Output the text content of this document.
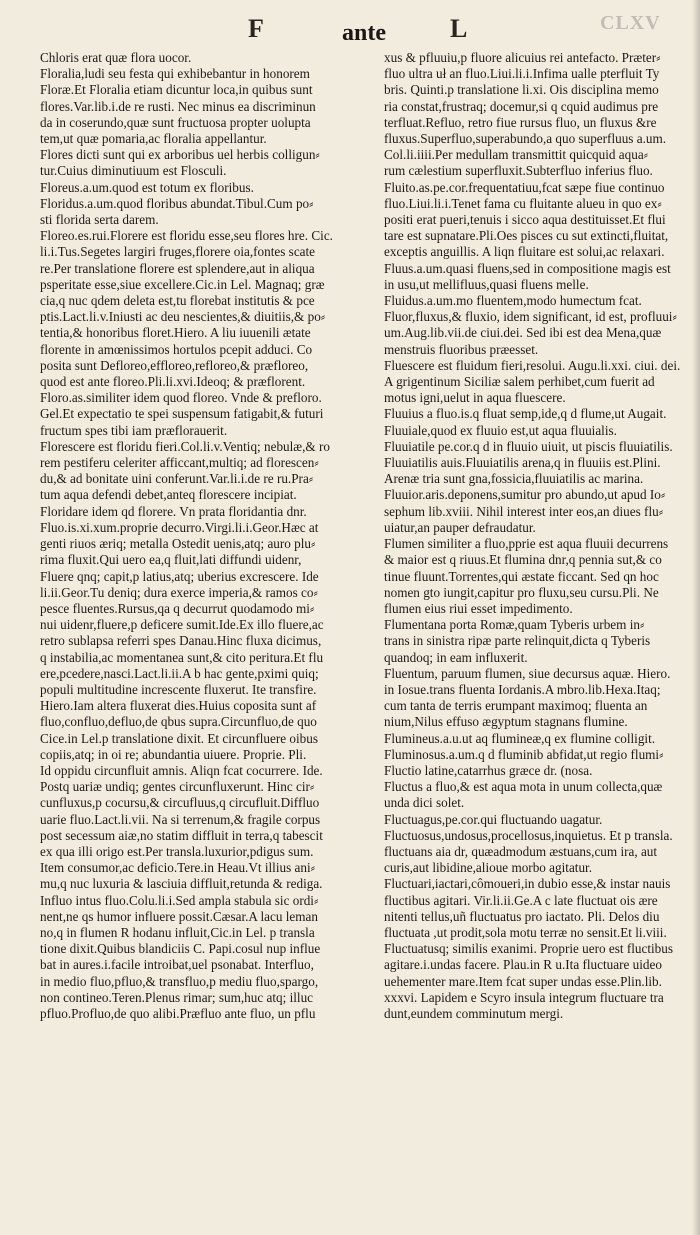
F	ante L	CLXV

Chloris erat quæ flora uocor.

Floralia,ludi seu festa qui exhibebantur in honorem

Floræ.Et Floralia etiam dicuntur loca,in quibus sunt

flores.Var.lib.i.de re rusti. Nec minus ea discriminun

da in coserundo,quæ sunt fructuosa propter uolupta

tem,ut quæ pomaria,ac floralia appellantur.

Flores dicti sunt qui ex arboribus uel herbis colligun⸗

tur.Cuius diminutiuum est Flosculi.

Floreus.a.um.quod est totum ex floribus.

Floridus.a.um.quod floribus abundat.Tibul.Cum po⸗

sti florida serta darem.

Floreo.es.rui.Florere est floridu esse,seu flores hre. Cic.

li.i.Tus.Segetes largiri fruges,florere oia,fontes scate

re.Per translatione florere est splendere,aut in aliqua

psperitate esse,siue excellere.Cic.in Lel. Magnaq; græ

cia,q nuc qdem deleta est,tu florebat institutis & pce

ptis.Lact.li.v.Iniusti ac deu nescientes,& diuitiis,& po⸗

tentia,& honoribus floret.Hiero. A liu iuuenili ætate

florente in amœnissimos hortulos pcepit adduci. Co

posita sunt Defloreo,effloreo,refloreo,& præfloreo,

quod est ante floreo.Pli.li.xvi.Ideoq; & præflorent.

Floro.as.similiter idem quod floreo. Vnde & prefloro.

Gel.Et expectatio te spei suspensum fatigabit,& futuri

fructum spes tibi iam præflorauerit.

Florescere est floridu fieri.Col.li.v.Ventiq; nebulæ,& ro

rem pestiferu celeriter afficcant,multiq; ad florescen⸗

du,& ad bonitate uini conferunt.Var.li.i.de re ru.Pra⸗

tum aqua defendi debet,anteq florescere incipiat.

Floridare idem qd florere. Vn prata floridantia dnr.

Fluo.is.xi.xum.proprie decurro.Virgi.li.i.Geor.Hæc at

genti riuos æriq; metalla Ostedit uenis,atq; auro plu⸗

rima fluxit.Qui uero ea,q fluit,lati diffundi uidenr,

Fluere qnq; capit,p latius,atq; uberius excrescere. Ide

li.ii.Geor.Tu deniq; dura exerce imperia,& ramos co⸗

pesce fluentes.Rursus,qa q decurrut quodamodo mi⸗

nui uidenr,fluere,p deficere sumit.Ide.Ex illo fluere,ac

retro sublapsa referri spes Danau.Hinc fluxa dicimus,

q instabilia,ac momentanea sunt,& cito peritura.Et flu

ere,pcedere,nasci.Lact.li.ii.A b hac gente,pximi quiq;

populi multitudine increscente fluxerut. Ite transfire.

Hiero.Iam altera fluxerat dies.Huius coposita sunt af

fluo,confluo,defluo,de qbus supra.Circunfluo,de quo

Cice.in Lel.p translatione dixit. Et circunfluere oibus

copiis,atq; in oi re; abundantia uiuere. Proprie. Pli.

Id oppidu circunfluit amnis. Aliqn fcat cocurrere. Ide.

Postq uariæ undiq; gentes circunfluxerunt. Hinc cir⸗

cunfluxus,p cocursu,& circufluus,q circufluit.Diffluo

uarie fluo.Lact.li.vii. Na si terrenum,& fragile corpus

post secessum aiæ,no statim diffluit in terra,q tabescit

ex qua illi origo est.Per transla.luxurior,pdigus sum.

Item consumor,ac deficio.Tere.in Heau.Vt illius ani⸗

mu,q nuc luxuria & lasciuia diffluit,retunda & rediga.

Influo intus fluo.Colu.li.i.Sed ampla stabula sic ordi⸗

nent,ne qs humor influere possit.Cæsar.A lacu leman

no,q in flumen R hodanu influit,Cic.in Lel. p transla

tione dixit.Quibus blandiciis C. Papi.cosul nup influe

bat in aures.i.facile introibat,uel psonabat. Interfluo,

in medio fluo,pfluo,& transfluo,p mediu fluo,spargo,

non contineo.Teren.Plenus rimar; sum,huc atq; illuc

pfluo.Profluo,de quo alibi.Præfluo ante fluo, un pflu

xus & pfluuiu,p fluore alicuius rei antefacto. Præter⸗

fluo ultra uł an fluo.Liui.li.i.Infima ualle pterfluit Ty

bris. Quinti.p translatione li.xi. Ois disciplina memo

ria constat,frustraq; docemur,si q cquid audimus pre

terfluat.Refluo, retro fiue rursus fluo, un fluxus &re

fluxus.Superfluo,superabundo,a quo superfluus a.um.

Col.li.iiii.Per medullam transmittit quicquid aqua⸗

rum cælestium superfluxit.Subterfluo inferius fluo.

Fluito.as.pe.cor.frequentatiuu,fcat sæpe fiue continuo

fluo.Liui.li.i.Tenet fama cu fluitante alueu in quo ex⸗

positi erat pueri,tenuis i sicco aqua destituisset.Et flui

tare est supnatare.Pli.Oes pisces cu sut extincti,fluitat,

exceptis anguillis. A liqn fluitare est solui,ac relaxari.

Fluus.a.um.quasi fluens,sed in compositione magis est

in usu,ut mellifluus,quasi fluens melle.

Fluidus.a.um.mo fluentem,modo humectum fcat.

Fluor,fluxus,& fluxio, idem significant, id est, profluui⸗

um.Aug.lib.vii.de ciui.dei. Sed ibi est dea Mena,quæ

menstruis fluoribus præesset.

Fluescere est fluidum fieri,resolui. Augu.li.xxi. ciui. dei.

A grigentinum Siciliæ salem perhibet,cum fuerit ad

motus igni,uelut in aqua fluescere.

Fluuius a fluo.is.q fluat semp,ide,q d flume,ut Augait.

Fluuiale,quod ex fluuio est,ut aqua fluuialis.

Fluuiatile pe.cor.q d in fluuio uiuit, ut piscis fluuiatilis.

Fluuiatilis auis.Fluuiatilis arena,q in fluuiis est.Plini.

Arenæ tria sunt gna,fossicia,fluuiatilis ac marina.

Fluuior.aris.deponens,sumitur pro abundo,ut apud Io⸗

sephum lib.xviii. Nihil interest inter eos,an diues flu⸗

uiatur,an pauper defraudatur.

Flumen similiter a fluo,pprie est aqua fluuii decurrens

& maior est q riuus.Et flumina dnr,q pennia sut,& co

tinue fluunt.Torrentes,qui æstate ficcant. Sed qn hoc

nomen gto iungit,capitur pro fluxu,seu cursu.Pli. Ne

flumen eius riui esset impedimento.

Flumentana porta Romæ,quam Tyberis urbem in⸗

trans in sinistra ripæ parte relinquit,dicta q Tyberis

quandoq; in eam influxerit.

Fluentum, paruum flumen, siue decursus aquæ. Hiero.

in Iosue.trans fluenta Iordanis.A mbro.lib.Hexa.Itaq;

cum tanta de terris erumpant maximoq; fluenta an

nium,Nilus effuso ægyptum stagnans flumine.

Flumineus.a.u.ut aq flumineæ,q ex flumine colligit.

Fluminosus.a.um.q d fluminib abfidat,ut regio flumi⸗

Fluctio latine,catarrhus græce dr. (nosa.

Fluctus a fluo,& est aqua mota in unum collecta,quæ

unda dici solet.

Fluctuagus,pe.cor.qui fluctuando uagatur.

Fluctuosus,undosus,procellosus,inquietus. Et p transla.

fluctuans aia dr, quæadmodum æstuans,cum ira, aut

curis,aut libidine,alioue morbo agitatur.

Fluctuari,iactari,cômoueri,in dubio esse,& instar nauis

fluctibus agitari. Vir.li.ii.Ge.A c late fluctuat ois ære

nitenti tellus,uñ fluctuatus pro iactato. Pli. Delos diu

fluctuata ,ut prodit,sola motu terræ no sensit.Et li.viii.

Fluctuatusq; similis exanimi. Proprie uero est fluctibus

agitare.i.undas facere. Plau.in R u.Ita fluctuare uideo

uehementer mare.Item fcat super undas esse.Plin.lib.

xxxvi. Lapidem e Scyro insula integrum fluctuare tra

dunt,eundem comminutum mergi.
